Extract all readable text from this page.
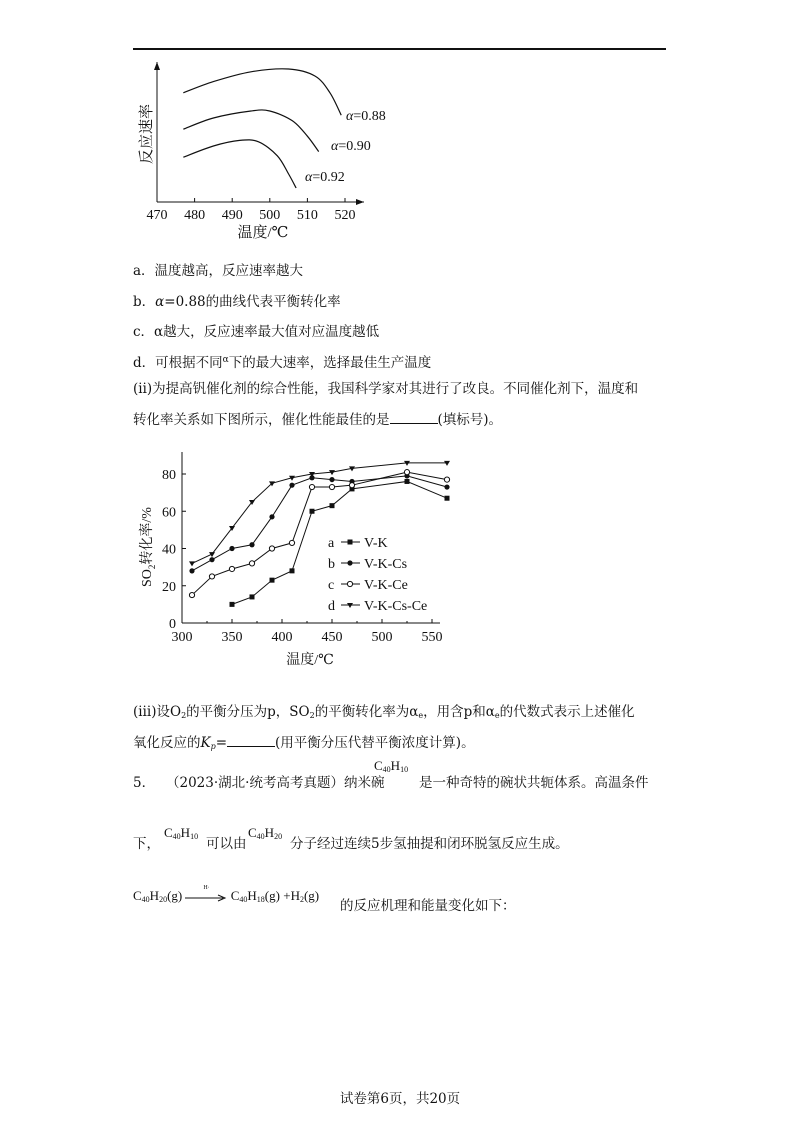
470 480 490 500 510 520
反应速率
温度/℃
α=0.88
α=0.90
α=0.92
a．温度越高，反应速率越大
b．α=0.88的曲线代表平衡转化率
c．α越大，反应速率最大值对应温度越低
d．可根据不同$^\alpha$下的最大速率，选择最佳生产温度
(ⅱ)为提高钒催化剂的综合性能，我国科学家对其进行了改良。不同催化剂下，温度和
转化率关系如下图所示，催化性能最佳的是	(填标号)。
300 350 400 450 500 550
0
20
40
60
80
a V-K
b V-K-Cs
c V-K-Ce
d V-K-Cs-Ce
$SO_2$转化率/%
温度/℃
(ⅲ)设$O_2$的平衡分压为p，$SO_2$的平衡转化率为$\alpha_e$，用含p和$\alpha_e$的代数式表示上述催化
氧化反应的$K_p=$	(用平衡分压代替平衡浓度计算)。
5． （2023·湖北·统考高考真题）纳米碗
$C_{40}H_{10}$
是一种奇特的碗状共轭体系。高温条件
下，
$C_{40}H_{10}$ 可以由
$C_{40}H_{20}$ 分子经过连续5步氢抽提和闭环脱氢反应生成。
$C_{40}H_{20}(g)$	H·	$C_{40}H_{18}(g) +H_2(g)$
的反应机理和能量变化如下：
试卷第6页，共20页
